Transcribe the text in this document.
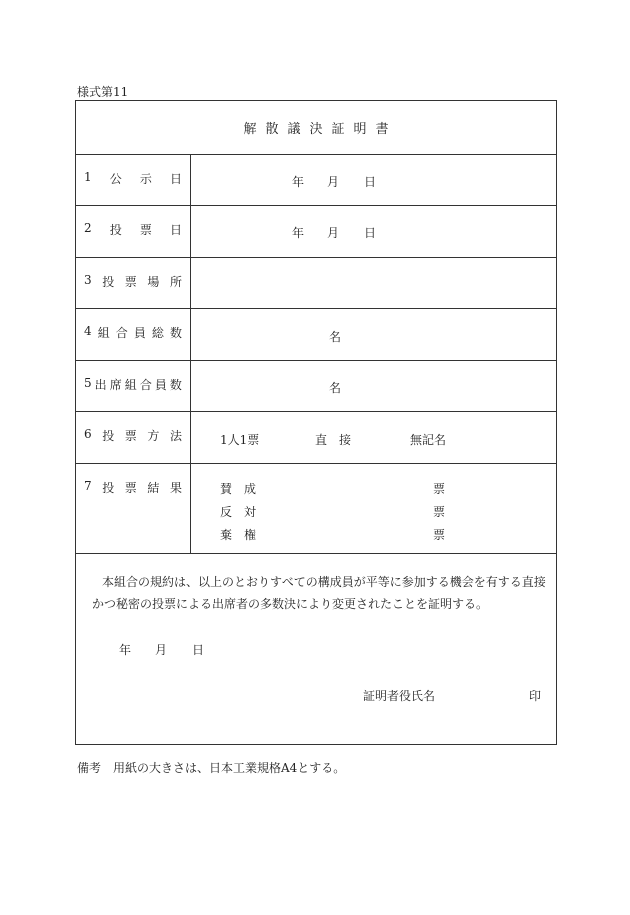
様式第11
解散議決証明書
1 公 示 日	年 月 日
2 投 票 日	年 月 日
3 投 票 場 所
4 組 合 員 総 数	名
5 出 席 組 合 員 数	名
6 投 票 方 法	1人1票	直　接	無記名
7 投 票 結 果	賛　成	票
反　対	票
棄　権	票
本組合の規約は、以上のとおりすべての構成員が平等に参加する機会を有する直接かつ秘密の投票による出席者の多数決により変更されたことを証明する。
年 月 日
証明者役氏名	印
備考　用紙の大きさは、日本工業規格A4とする。
